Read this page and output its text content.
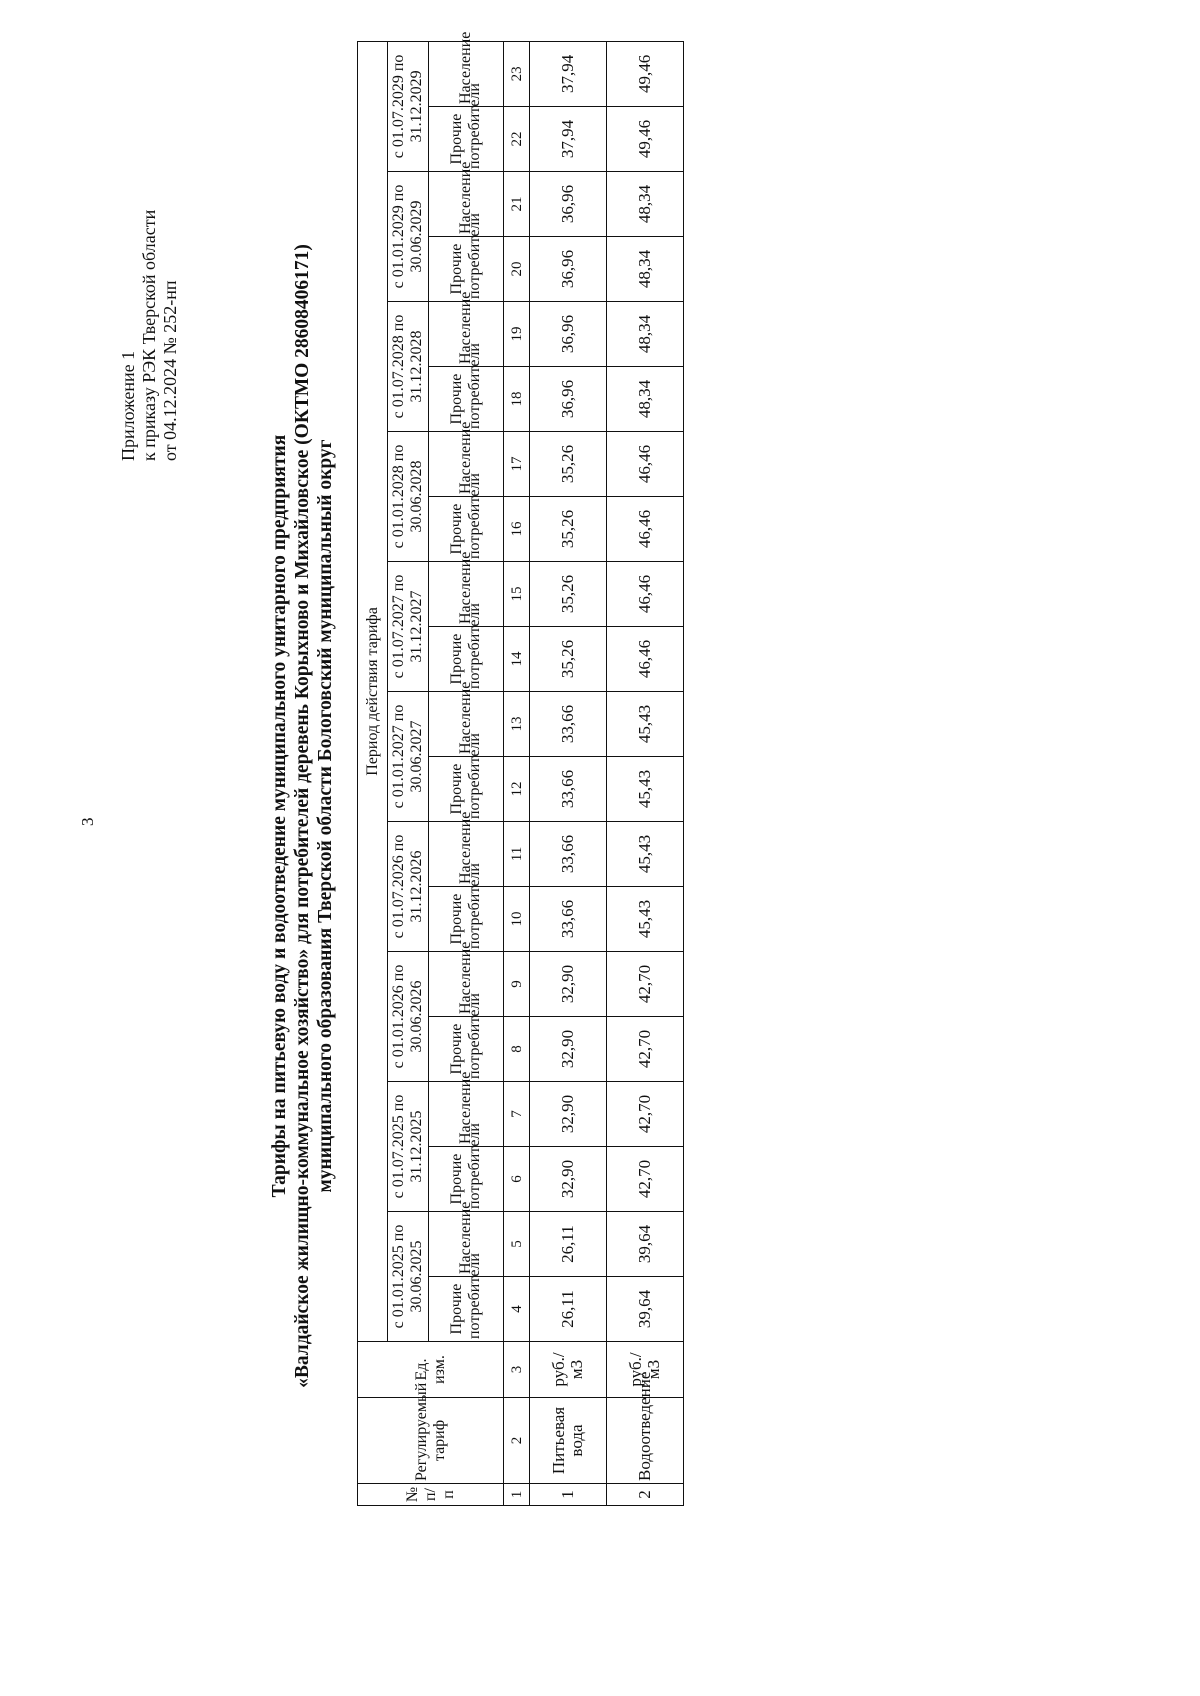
3
Приложение 1 к приказу РЭК Тверской области от 04.12.2024 № 252-нп
Тарифы на питьевую воду и водоотведение муниципального унитарного предприятия «Валдайское жилищно-коммунальное хозяйство» для потребителей деревень Корыхново и Михайловское (ОКТМО 28608406171) муниципального образования Тверской области Бологовский муниципальный округ
№ п/п	Регулируемый тариф	Ед. изм.	Период действия тарифа																			
			с 01.01.2025 по 30.06.2025		с 01.07.2025 по 31.12.2025		с 01.01.2026 по 30.06.2026		с 01.07.2026 по 31.12.2026		с 01.01.2027 по 30.06.2027		с 01.07.2027 по 31.12.2027		с 01.01.2028 по 30.06.2028		с 01.07.2028 по 31.12.2028		с 01.01.2029 по 30.06.2029		с 01.07.2029 по 31.12.2029	
			Прочие потребители	Население	Прочие потребители	Население	Прочие потребители	Население	Прочие потребители	Население	Прочие потребители	Население	Прочие потребители	Население	Прочие потребители	Население	Прочие потребители	Население	Прочие потребители	Население	Прочие потребители	Население
1	2	3	4	5	6	7	8	9	10	11	12	13	14	15	16	17	18	19	20	21	22	23
1	Питьевая вода	руб./м3	26,11	26,11	32,90	32,90	32,90	32,90	33,66	33,66	33,66	33,66	35,26	35,26	35,26	35,26	36,96	36,96	36,96	36,96	37,94	37,94
2	Водоотведение	руб./м3	39,64	39,64	42,70	42,70	42,70	42,70	45,43	45,43	45,43	45,43	46,46	46,46	46,46	46,46	48,34	48,34	48,34	48,34	49,46	49,46
